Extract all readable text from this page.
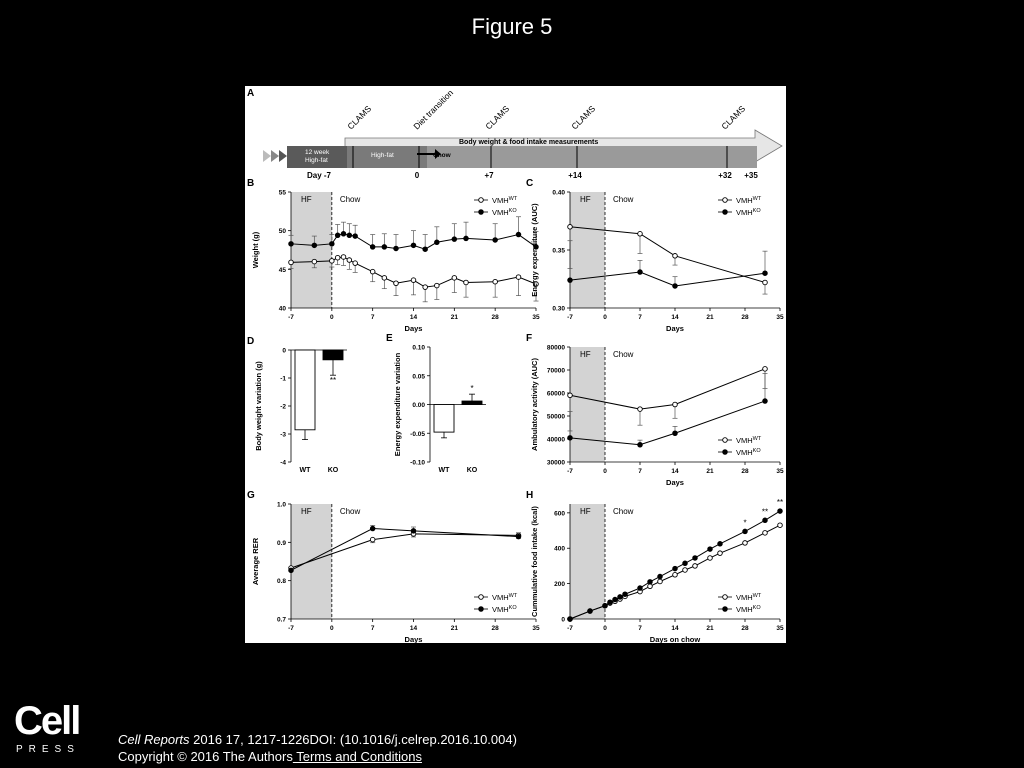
Figure 5
A
Body weight & food intake measurements
12 week
High-fat
High-fat	Chow
CLAMS	Diet transition	CLAMS	CLAMS	CLAMS
Day -7	0	+7	+14	+32 +35
B
HF	Chow
-7	0	7	14	21	28	35
40
45
50
55
Days
Weight (g)
$VMH^{WT}$
$VMH^{KO}$
C
HF	Chow
-7	0	7	14	21	28	35
0.30
0.35
0.40
Days
Energy expenditure (AUC)
$VMH^{WT}$
$VMH^{KO}$
D
-4
-3
-2
-1
0
Body weight variation (g)
WT
**
KO
E
-0.10
-0.05
0.00
0.05
0.10
Energy expenditure variation
WT
*
KO
F
HF	Chow
-7	0	7	14	21	28	35
30000
40000
50000
60000
70000
80000
Days
Ambulatory activity (AUC)	$VMH^{WT}$
$VMH^{KO}$
G
HF	Chow
-7	0	7	14	21	28	35
0.7
0.8
0.9
1.0
Days
Average RER
$VMH^{WT}$
$VMH^{KO}$
H
HF	Chow
-7	0	7	14	21	28	35
0
200
400
600
Days on chow
Cummulative food intake (kcal)	*
**
**
$VMH^{WT}$
$VMH^{KO}$
Cell
PRESS
Cell Reports 2016 17, 1217-1226DOI: (10.1016/j.celrep.2016.10.004)
Copyright © 2016 The Authors Terms and Conditions
